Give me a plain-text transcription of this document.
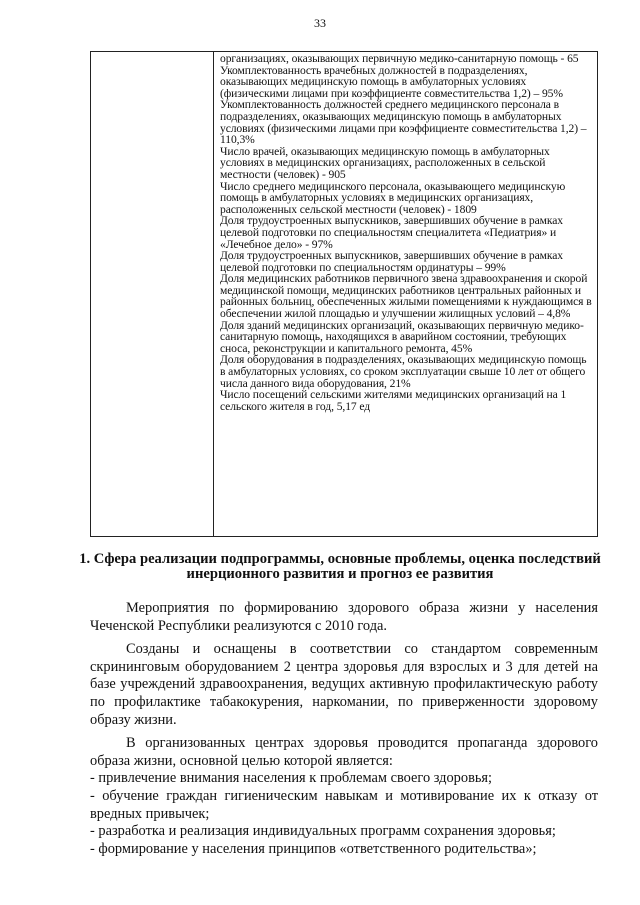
33

организациях, оказывающих первичную медико-санитарную помощь - 65

Укомплектованность врачебных должностей в подразделениях, оказывающих медицинскую помощь в амбулаторных условиях (физическими лицами при коэффициенте совместительства 1,2) – 95%

Укомплектованность должностей среднего медицинского персонала в подразделениях, оказывающих медицинскую помощь в амбулаторных условиях (физическими лицами при коэффициенте совместительства 1,2) – 110,3%

Число врачей, оказывающих медицинскую помощь в амбулаторных условиях в медицинских организациях, расположенных в сельской местности (человек) - 905

Число среднего медицинского персонала, оказывающего медицинскую помощь в амбулаторных условиях в медицинских организациях, расположенных сельской местности (человек) - 1809

Доля трудоустроенных выпускников, завершивших обучение в рамках целевой подготовки по специальностям специалитета «Педиатрия» и «Лечебное дело» - 97%

Доля трудоустроенных выпускников, завершивших обучение в рамках целевой подготовки по специальностям ординатуры – 99%

Доля медицинских работников первичного звена здравоохранения и скорой медицинской помощи, медицинских работников центральных районных и районных больниц, обеспеченных жилыми помещениями к нуждающимся в обеспечении жилой площадью и улучшении жилищных условий – 4,8%

Доля зданий медицинских организаций, оказывающих первичную медико-санитарную помощь, находящихся в аварийном состоянии, требующих сноса, реконструкции и капитального ремонта, 45%

Доля оборудования в подразделениях, оказывающих медицинскую помощь в амбулаторных условиях, со сроком эксплуатации свыше 10 лет от общего числа данного вида оборудования, 21%

Число посещений сельскими жителями медицинских организаций на 1 сельского жителя в год, 5,17 ед

1. Сфера реализации подпрограммы, основные проблемы, оценка последствий инерционного развития и прогноз ее развития

Мероприятия по формированию здорового образа жизни у населения Чеченской Республики реализуются с 2010 года.

Созданы и оснащены в соответствии со стандартом современным скрининговым оборудованием 2 центра здоровья для взрослых и 3 для детей на базе учреждений здравоохранения, ведущих активную профилактическую работу по профилактике табакокурения, наркомании, по приверженности здоровому образу жизни.

В организованных центрах здоровья проводится пропаганда здорового образа жизни, основной целью которой является:

- привлечение внимания населения к проблемам своего здоровья;

- обучение граждан гигиеническим навыкам и мотивирование их к отказу от вредных привычек;

- разработка и реализация индивидуальных программ сохранения здоровья;

- формирование у населения принципов «ответственного родительства»;
